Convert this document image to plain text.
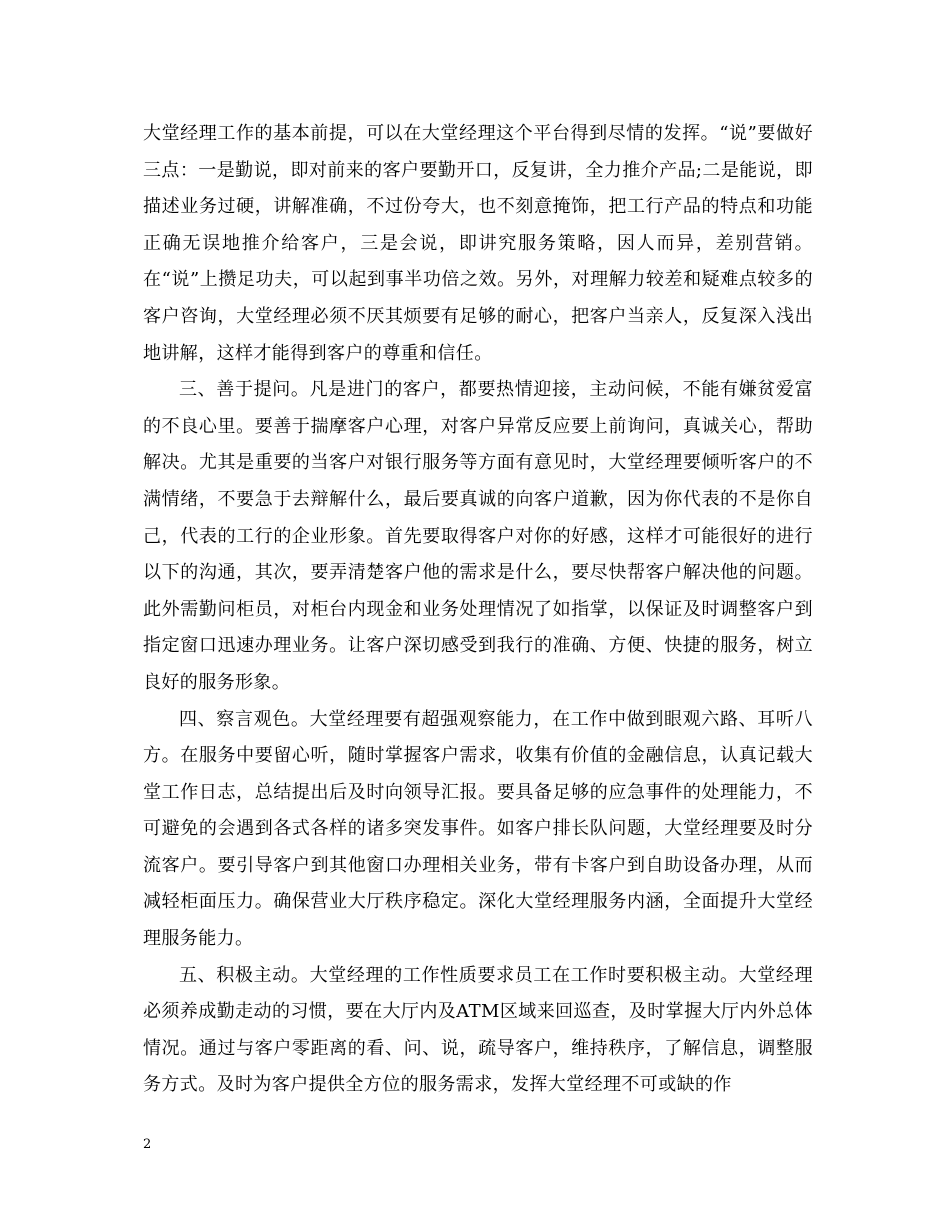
大堂经理工作的基本前提，可以在大堂经理这个平台得到尽情的发挥。“说”要做好三点：一是勤说，即对前来的客户要勤开口，反复讲，全力推介产品;二是能说，即描述业务过硬，讲解准确，不过份夸大，也不刻意掩饰，把工行产品的特点和功能正确无误地推介给客户，三是会说，即讲究服务策略，因人而异，差别营销。在“说”上攒足功夫，可以起到事半功倍之效。另外，对理解力较差和疑难点较多的客户咨询，大堂经理必须不厌其烦要有足够的耐心，把客户当亲人，反复深入浅出地讲解，这样才能得到客户的尊重和信任。

三、善于提问。凡是进门的客户，都要热情迎接，主动问候，不能有嫌贫爱富的不良心里。要善于揣摩客户心理，对客户异常反应要上前询问，真诚关心，帮助解决。尤其是重要的当客户对银行服务等方面有意见时，大堂经理要倾听客户的不满情绪，不要急于去辩解什么，最后要真诚的向客户道歉，因为你代表的不是你自己，代表的工行的企业形象。首先要取得客户对你的好感，这样才可能很好的进行以下的沟通，其次，要弄清楚客户他的需求是什么，要尽快帮客户解决他的问题。此外需勤问柜员，对柜台内现金和业务处理情况了如指掌，以保证及时调整客户到指定窗口迅速办理业务。让客户深切感受到我行的准确、方便、快捷的服务，树立良好的服务形象。

四、察言观色。大堂经理要有超强观察能力，在工作中做到眼观六路、耳听八方。在服务中要留心听，随时掌握客户需求，收集有价值的金融信息，认真记载大堂工作日志，总结提出后及时向领导汇报。要具备足够的应急事件的处理能力，不可避免的会遇到各式各样的诸多突发事件。如客户排长队问题，大堂经理要及时分流客户。要引导客户到其他窗口办理相关业务，带有卡客户到自助设备办理，从而减轻柜面压力。确保营业大厅秩序稳定。深化大堂经理服务内涵，全面提升大堂经理服务能力。

五、积极主动。大堂经理的工作性质要求员工在工作时要积极主动。大堂经理必须养成勤走动的习惯，要在大厅内及ATM区域来回巡查，及时掌握大厅内外总体情况。通过与客户零距离的看、问、说，疏导客户，维持秩序，了解信息，调整服务方式。及时为客户提供全方位的服务需求，发挥大堂经理不可或缺的作

2
